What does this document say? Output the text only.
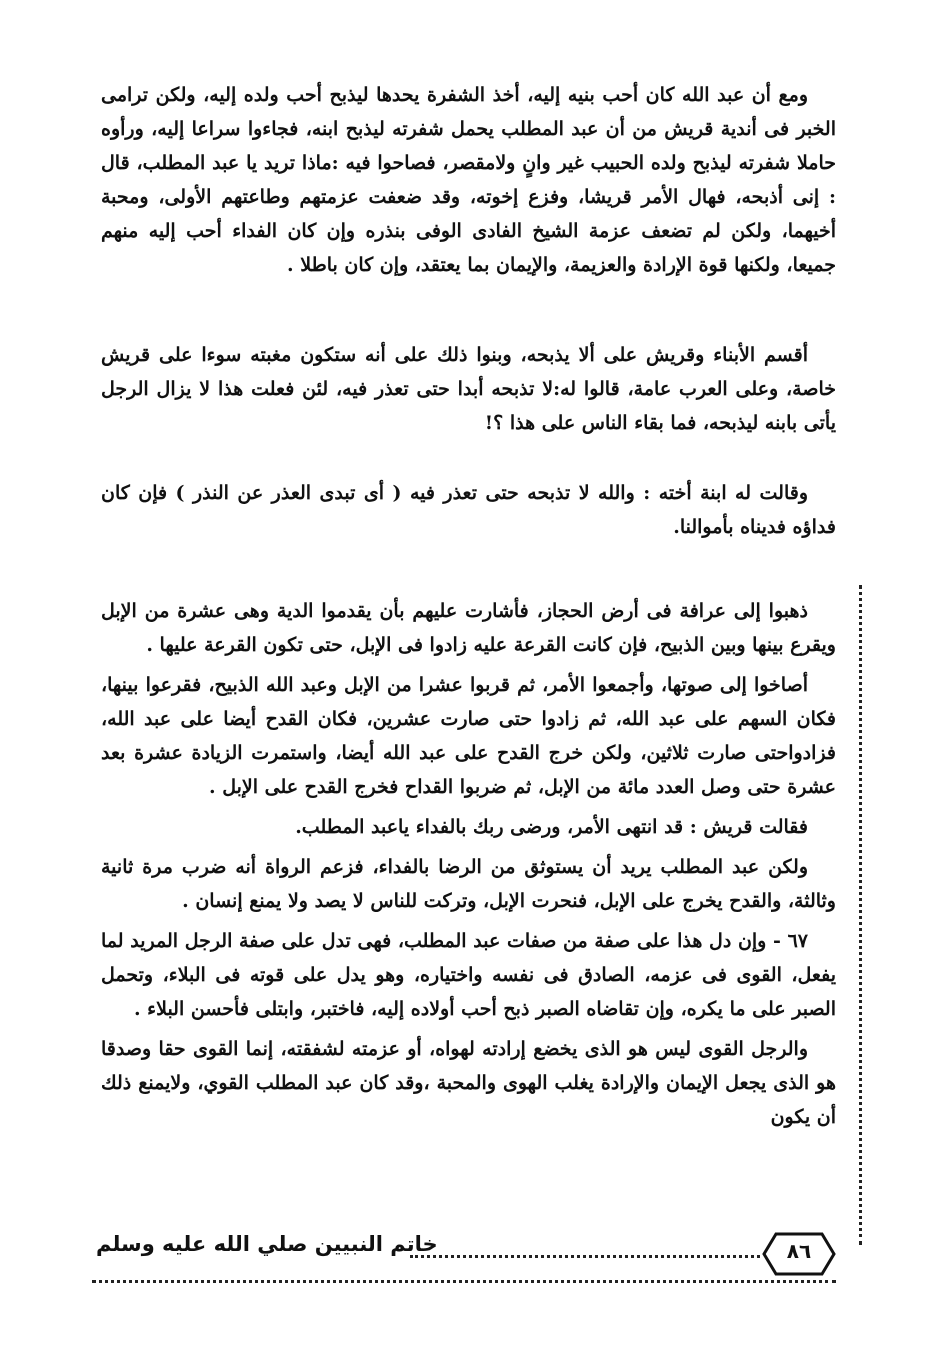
ومع أن عبد الله كان أحب بنيه إليه، أخذ الشفرة يحدها ليذبح أحب ولده إليه، ولكن ترامى الخبر فى أندية قريش من أن عبد المطلب يحمل شفرته ليذبح ابنه، فجاءوا سراعا إليه، ورأوه حاملا شفرته ليذبح ولده الحبيب غير وانٍ ولامقصر، فصاحوا فيه :ماذا تريد يا عبد المطلب، قال : إنى أذبحه، فهال الأمر قريشا، وفزع إخوته، وقد ضعفت عزمتهم وطاعتهم الأولى، ومحبة أخيهما، ولكن لم تضعف عزمة الشيخ الفادى الوفى بنذره وإن كان الفداء أحب إليه منهم جميعا، ولكنها قوة الإرادة والعزيمة، والإيمان بما يعتقد، وإن كان باطلا .

أقسم الأبناء وقريش على ألا يذبحه، وبنوا ذلك على أنه ستكون مغبته سوءا على قريش خاصة، وعلى العرب عامة، قالوا له:لا تذبحه أبدا حتى تعذر فيه، لئن فعلت هذا لا يزال الرجل يأتى بابنه ليذبحه، فما بقاء الناس على هذا ؟!

وقالت له ابنة أخته : والله لا تذبحه حتى تعذر فيه ( أى تبدى العذر عن النذر ) فإن كان فداؤه فديناه بأموالنا.

ذهبوا إلى عرافة فى أرض الحجاز، فأشارت عليهم بأن يقدموا الدية وهى عشرة من الإبل ويقرع بينها وبين الذبيح، فإن كانت القرعة عليه زادوا فى الإبل، حتى تكون القرعة عليها .

أصاخوا إلى صوتها، وأجمعوا الأمر، ثم قربوا عشرا من الإبل وعبد الله الذبيح، فقرعوا بينها، فكان السهم على عبد الله، ثم زادوا حتى صارت عشرين، فكان القدح أيضا على عبد الله، فزادواحتى صارت ثلاثين، ولكن خرج القدح على عبد الله أيضا، واستمرت الزيادة عشرة بعد عشرة حتى وصل العدد مائة من الإبل، ثم ضربوا القداح فخرج القدح على الإبل .

فقالت قريش : قد انتهى الأمر، ورضى ربك بالفداء ياعبد المطلب.

ولكن عبد المطلب يريد أن يستوثق من الرضا بالفداء، فزعم الرواة أنه ضرب مرة ثانية وثالثة، والقدح يخرج على الإبل، فنحرت الإبل، وتركت للناس لا يصد ولا يمنع إنسان .

٦٧ - وإن دل هذا على صفة من صفات عبد المطلب، فهى تدل على صفة الرجل المريد لما يفعل، القوى فى عزمه، الصادق فى نفسه واختياره، وهو يدل على قوته فى البلاء، وتحمل الصبر على ما يكره، وإن تقاضاه الصبر ذبح أحب أولاده إليه، فاختبر، وابتلى فأحسن البلاء .

والرجل القوى ليس هو الذى يخضع إرادته لهواه، أو عزمته لشفقته، إنما القوى حقا وصدقا هو الذى يجعل الإيمان والإرادة يغلب الهوى والمحبة ،وقد كان عبد المطلب القوي، ولايمنع ذلك أن يكون

٨٦
خاتم النبيين صلي الله عليه وسلم
